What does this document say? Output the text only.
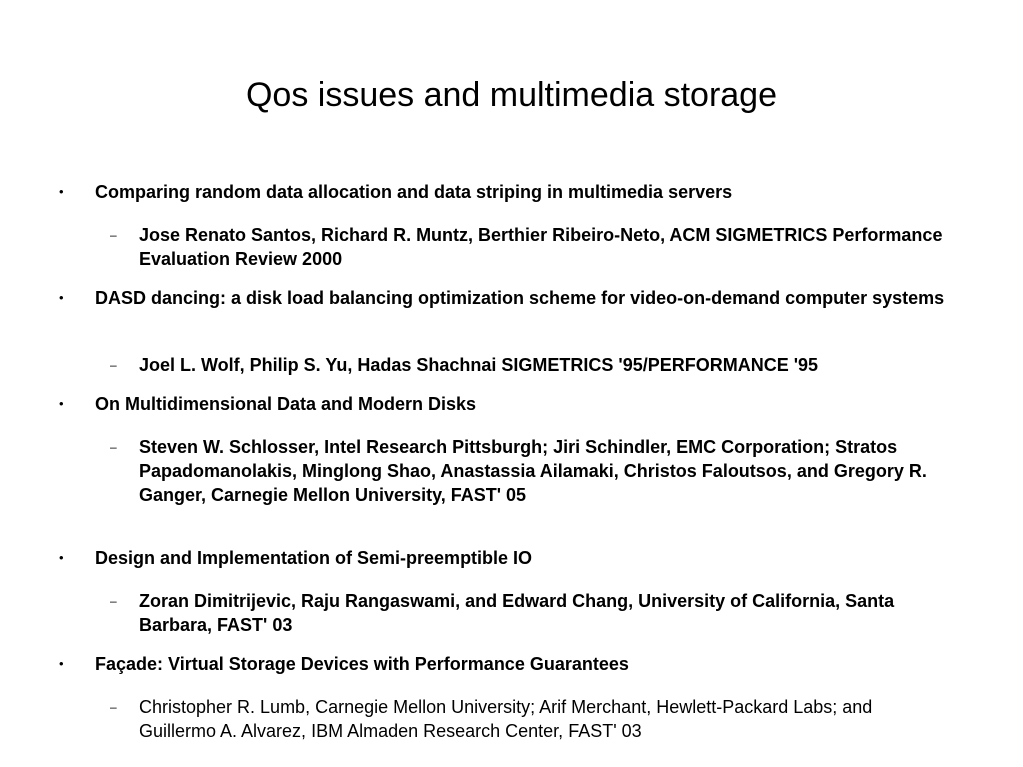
Qos issues and multimedia storage
• Comparing random data allocation and data striping in multimedia servers
– Jose Renato Santos, Richard R. Muntz, Berthier Ribeiro-Neto, ACM SIGMETRICS Performance Evaluation Review 2000
• DASD dancing: a disk load balancing optimization scheme for video-on-demand computer systems
– Joel L. Wolf, Philip S. Yu, Hadas Shachnai SIGMETRICS '95/PERFORMANCE '95
• On Multidimensional Data and Modern Disks
– Steven W. Schlosser, Intel Research Pittsburgh; Jiri Schindler, EMC Corporation; Stratos Papadomanolakis, Minglong Shao, Anastassia Ailamaki, Christos Faloutsos, and Gregory R. Ganger, Carnegie Mellon University, FAST' 05
• Design and Implementation of Semi-preemptible IO
– Zoran Dimitrijevic, Raju Rangaswami, and Edward Chang, University of California, Santa Barbara, FAST' 03
• Façade: Virtual Storage Devices with Performance Guarantees
– Christopher R. Lumb, Carnegie Mellon University; Arif Merchant, Hewlett-Packard Labs; and Guillermo A. Alvarez, IBM Almaden Research Center, FAST' 03
